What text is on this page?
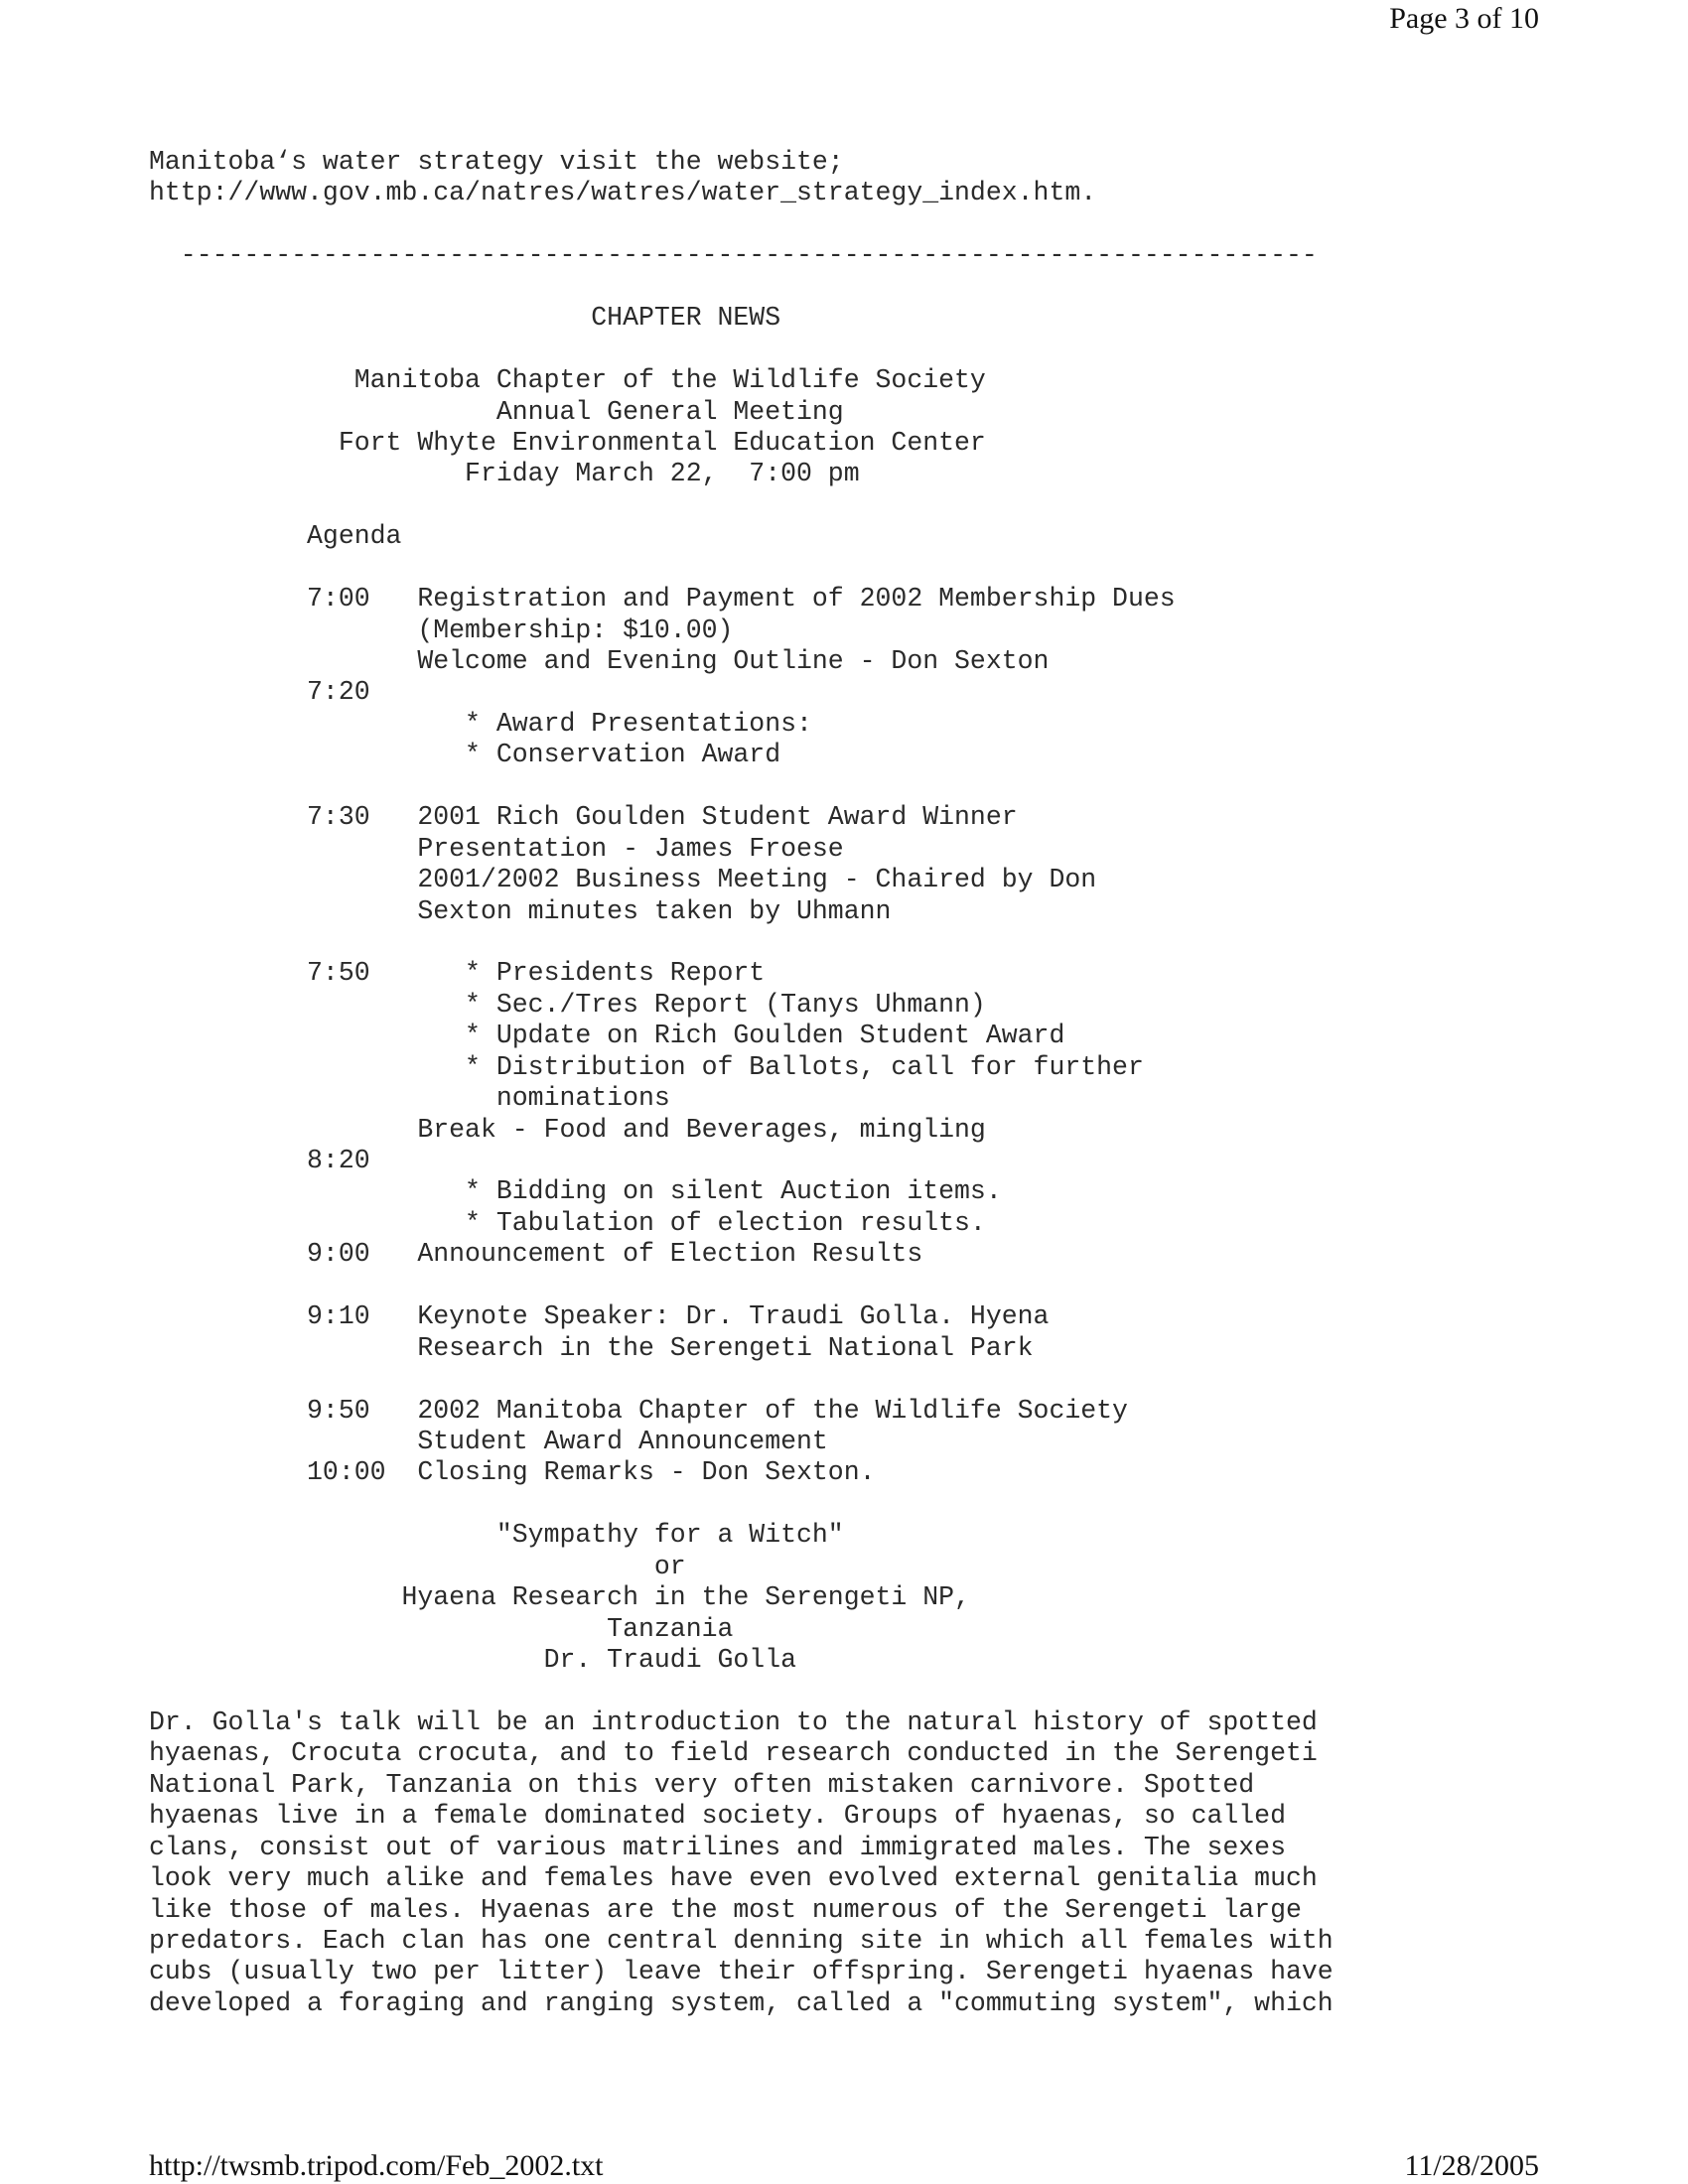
Page 3 of 10
Manitoba‘s water strategy visit the website;
http://www.gov.mb.ca/natres/watres/water_strategy_index.htm.
------------------------------------------------------------------------
CHAPTER NEWS
Manitoba Chapter of the Wildlife Society
Annual General Meeting
Fort Whyte Environmental Education Center
Friday March 22,  7:00 pm
Agenda
7:00   Registration and Payment of 2002 Membership Dues
(Membership: $10.00)
Welcome and Evening Outline - Don Sexton
7:20
* Award Presentations:
* Conservation Award
7:30   2001 Rich Goulden Student Award Winner
Presentation - James Froese
2001/2002 Business Meeting - Chaired by Don
Sexton minutes taken by Uhmann
7:50      * Presidents Report
* Sec./Tres Report (Tanys Uhmann)
* Update on Rich Goulden Student Award
* Distribution of Ballots, call for further
nominations
Break - Food and Beverages, mingling
8:20
* Bidding on silent Auction items.
* Tabulation of election results.
9:00   Announcement of Election Results
9:10   Keynote Speaker: Dr. Traudi Golla. Hyena
Research in the Serengeti National Park
9:50   2002 Manitoba Chapter of the Wildlife Society
Student Award Announcement
10:00  Closing Remarks - Don Sexton.
"Sympathy for a Witch"
or
Hyaena Research in the Serengeti NP,
Tanzania
Dr. Traudi Golla
Dr. Golla's talk will be an introduction to the natural history of spotted
hyaenas, Crocuta crocuta, and to field research conducted in the Serengeti
National Park, Tanzania on this very often mistaken carnivore. Spotted
hyaenas live in a female dominated society. Groups of hyaenas, so called
clans, consist out of various matrilines and immigrated males. The sexes
look very much alike and females have even evolved external genitalia much
like those of males. Hyaenas are the most numerous of the Serengeti large
predators. Each clan has one central denning site in which all females with
cubs (usually two per litter) leave their offspring. Serengeti hyaenas have
developed a foraging and ranging system, called a "commuting system", which
http://twsmb.tripod.com/Feb_2002.txt	11/28/2005
